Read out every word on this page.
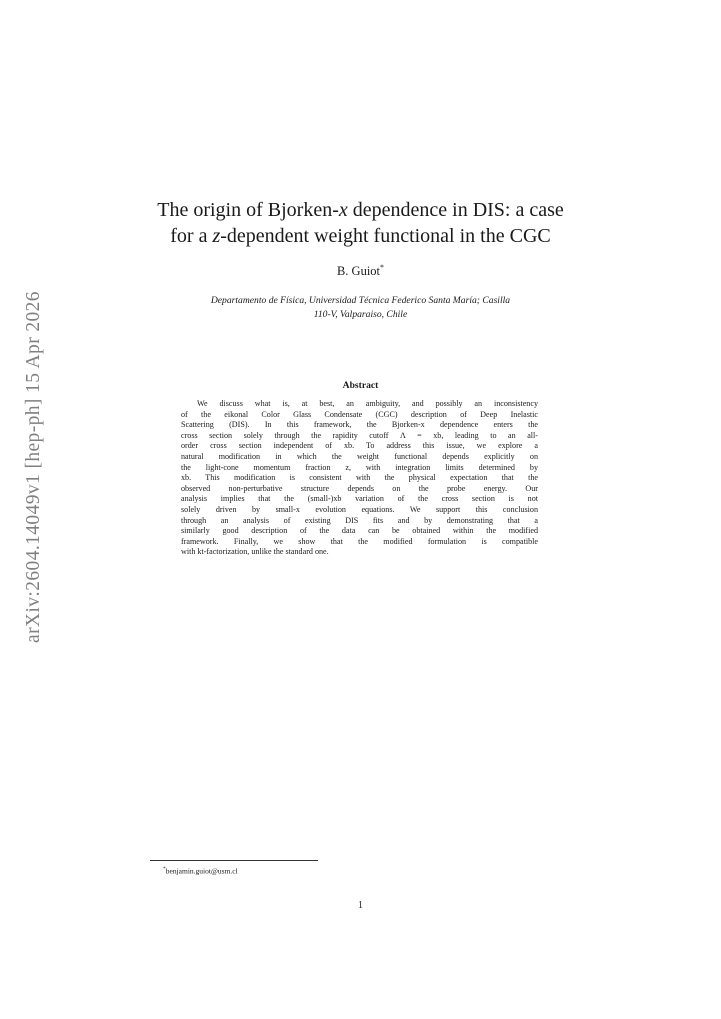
arXiv:2604.14049v1 [hep-ph] 15 Apr 2026
The origin of Bjorken-x dependence in DIS: a case
for a z-dependent weight functional in the CGC
B. Guiot*
Departamento de Física, Universidad Técnica Federico Santa María; Casilla
110-V, Valparaiso, Chile
Abstract
We discuss what is, at best, an ambiguity, and possibly an inconsistency
of the eikonal Color Glass Condensate (CGC) description of Deep Inelastic
Scattering (DIS). In this framework, the Bjorken-x dependence enters the
cross section solely through the rapidity cutoff Λ = xb, leading to an all-
order cross section independent of xb. To address this issue, we explore a
natural modification in which the weight functional depends explicitly on
the light-cone momentum fraction z, with integration limits determined by
xb. This modification is consistent with the physical expectation that the
observed non-perturbative structure depends on the probe energy. Our
analysis implies that the (small-)xb variation of the cross section is not
solely driven by small-x evolution equations. We support this conclusion
through an analysis of existing DIS fits and by demonstrating that a
similarly good description of the data can be obtained within the modified
framework. Finally, we show that the modified formulation is compatible
with kt-factorization, unlike the standard one.
*benjamin.guiot@usm.cl
1
